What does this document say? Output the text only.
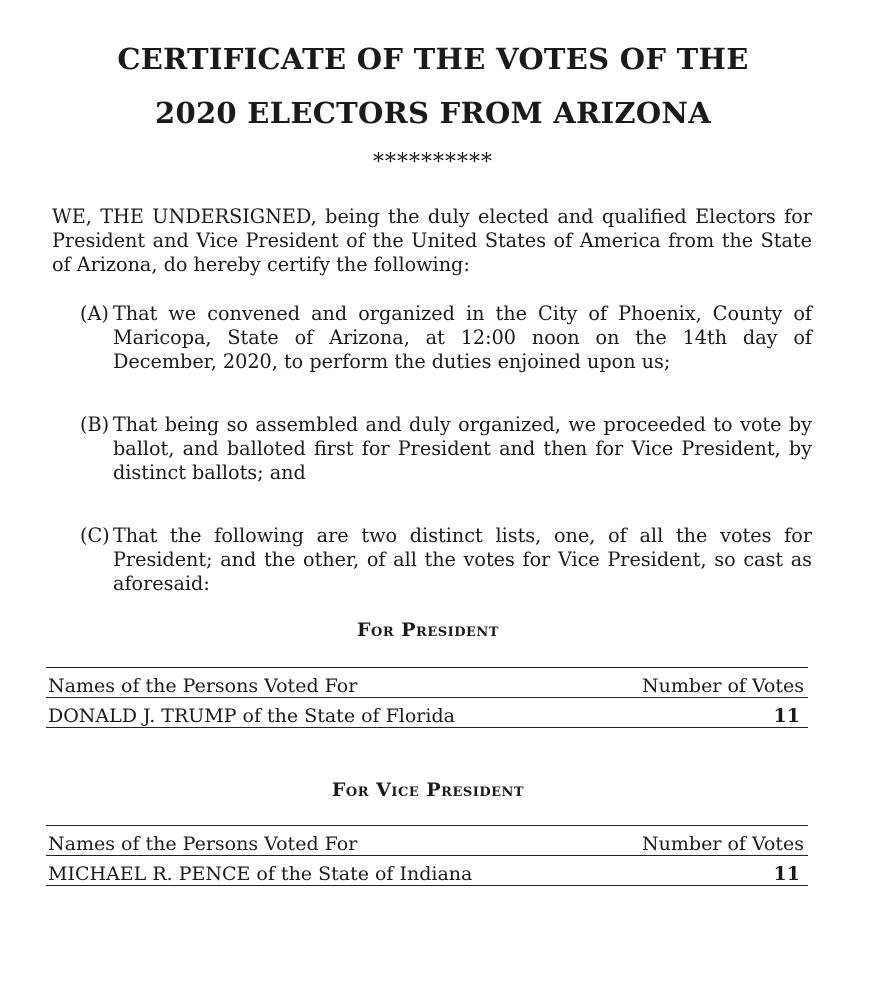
CERTIFICATE OF THE VOTES OF THE
2020 ELECTORS FROM ARIZONA
**********

WE, THE UNDERSIGNED, being the duly elected and qualified Electors for President and Vice President of the United States of America from the State of Arizona, do hereby certify the following:

(A) That we convened and organized in the City of Phoenix, County of Maricopa, State of Arizona, at 12:00 noon on the 14th day of December, 2020, to perform the duties enjoined upon us;
(B) That being so assembled and duly organized, we proceeded to vote by ballot, and balloted first for President and then for Vice President, by distinct ballots; and
(C) That the following are two distinct lists, one, of all the votes for President; and the other, of all the votes for Vice President, so cast as aforesaid:
For President
Names of the Persons Voted For	Number of Votes
DONALD J. TRUMP of the State of Florida	11
For Vice President
Names of the Persons Voted For	Number of Votes
MICHAEL R. PENCE of the State of Indiana	11
